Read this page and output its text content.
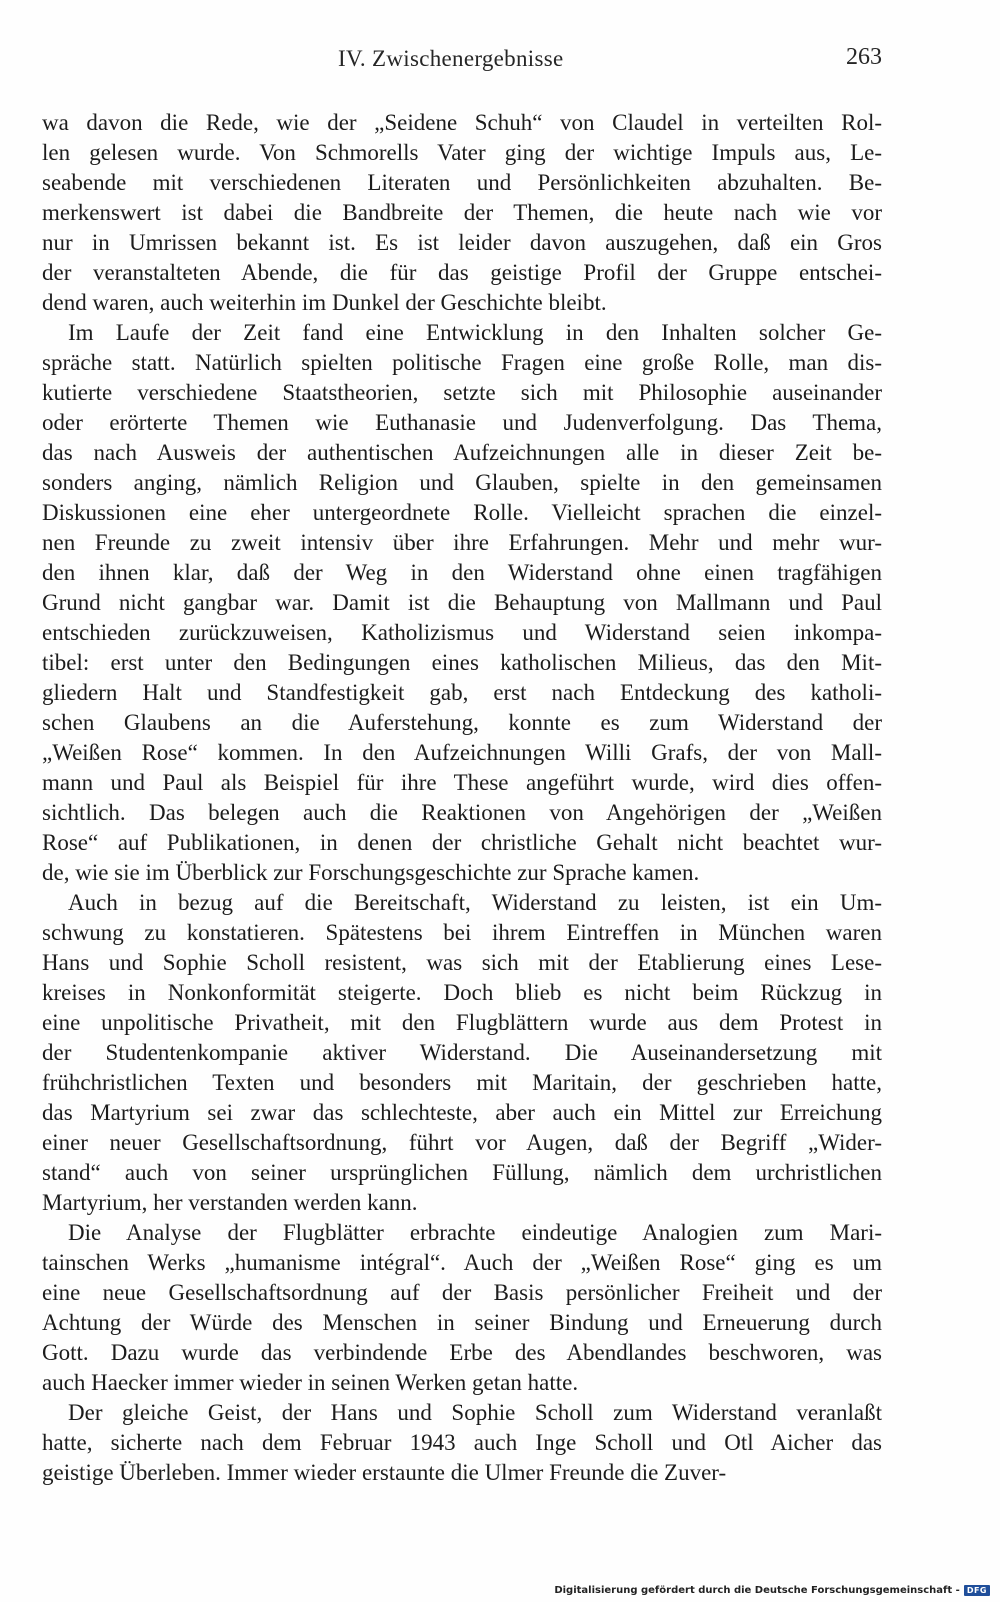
IV. Zwischenergebnisse	263
wa davon die Rede, wie der „Seidene Schuh“ von Claudel in verteilten Rol-
len gelesen wurde. Von Schmorells Vater ging der wichtige Impuls aus, Le-
seabende mit verschiedenen Literaten und Persönlichkeiten abzuhalten. Be-
merkenswert ist dabei die Bandbreite der Themen, die heute nach wie vor
nur in Umrissen bekannt ist. Es ist leider davon auszugehen, daß ein Gros
der veranstalteten Abende, die für das geistige Profil der Gruppe entschei-
dend waren, auch weiterhin im Dunkel der Geschichte bleibt.
Im Laufe der Zeit fand eine Entwicklung in den Inhalten solcher Ge-
spräche statt. Natürlich spielten politische Fragen eine große Rolle, man dis-
kutierte verschiedene Staatstheorien, setzte sich mit Philosophie auseinander
oder erörterte Themen wie Euthanasie und Judenverfolgung. Das Thema,
das nach Ausweis der authentischen Aufzeichnungen alle in dieser Zeit be-
sonders anging, nämlich Religion und Glauben, spielte in den gemeinsamen
Diskussionen eine eher untergeordnete Rolle. Vielleicht sprachen die einzel-
nen Freunde zu zweit intensiv über ihre Erfahrungen. Mehr und mehr wur-
den ihnen klar, daß der Weg in den Widerstand ohne einen tragfähigen
Grund nicht gangbar war. Damit ist die Behauptung von Mallmann und Paul
entschieden zurückzuweisen, Katholizismus und Widerstand seien inkompa-
tibel: erst unter den Bedingungen eines katholischen Milieus, das den Mit-
gliedern Halt und Standfestigkeit gab, erst nach Entdeckung des katholi-
schen Glaubens an die Auferstehung, konnte es zum Widerstand der
„Weißen Rose“ kommen. In den Aufzeichnungen Willi Grafs, der von Mall-
mann und Paul als Beispiel für ihre These angeführt wurde, wird dies offen-
sichtlich. Das belegen auch die Reaktionen von Angehörigen der „Weißen
Rose“ auf Publikationen, in denen der christliche Gehalt nicht beachtet wur-
de, wie sie im Überblick zur Forschungsgeschichte zur Sprache kamen.
Auch in bezug auf die Bereitschaft, Widerstand zu leisten, ist ein Um-
schwung zu konstatieren. Spätestens bei ihrem Eintreffen in München waren
Hans und Sophie Scholl resistent, was sich mit der Etablierung eines Lese-
kreises in Nonkonformität steigerte. Doch blieb es nicht beim Rückzug in
eine unpolitische Privatheit, mit den Flugblättern wurde aus dem Protest in
der Studentenkompanie aktiver Widerstand. Die Auseinandersetzung mit
frühchristlichen Texten und besonders mit Maritain, der geschrieben hatte,
das Martyrium sei zwar das schlechteste, aber auch ein Mittel zur Erreichung
einer neuer Gesellschaftsordnung, führt vor Augen, daß der Begriff „Wider-
stand“ auch von seiner ursprünglichen Füllung, nämlich dem urchristlichen
Martyrium, her verstanden werden kann.
Die Analyse der Flugblätter erbrachte eindeutige Analogien zum Mari-
tainschen Werks „humanisme intégral“. Auch der „Weißen Rose“ ging es um
eine neue Gesellschaftsordnung auf der Basis persönlicher Freiheit und der
Achtung der Würde des Menschen in seiner Bindung und Erneuerung durch
Gott. Dazu wurde das verbindende Erbe des Abendlandes beschworen, was
auch Haecker immer wieder in seinen Werken getan hatte.
Der gleiche Geist, der Hans und Sophie Scholl zum Widerstand veranlaßt
hatte, sicherte nach dem Februar 1943 auch Inge Scholl und Otl Aicher das
geistige Überleben. Immer wieder erstaunte die Ulmer Freunde die Zuver-
Digitalisierung gefördert durch die Deutsche Forschungsgemeinschaft - DFG
